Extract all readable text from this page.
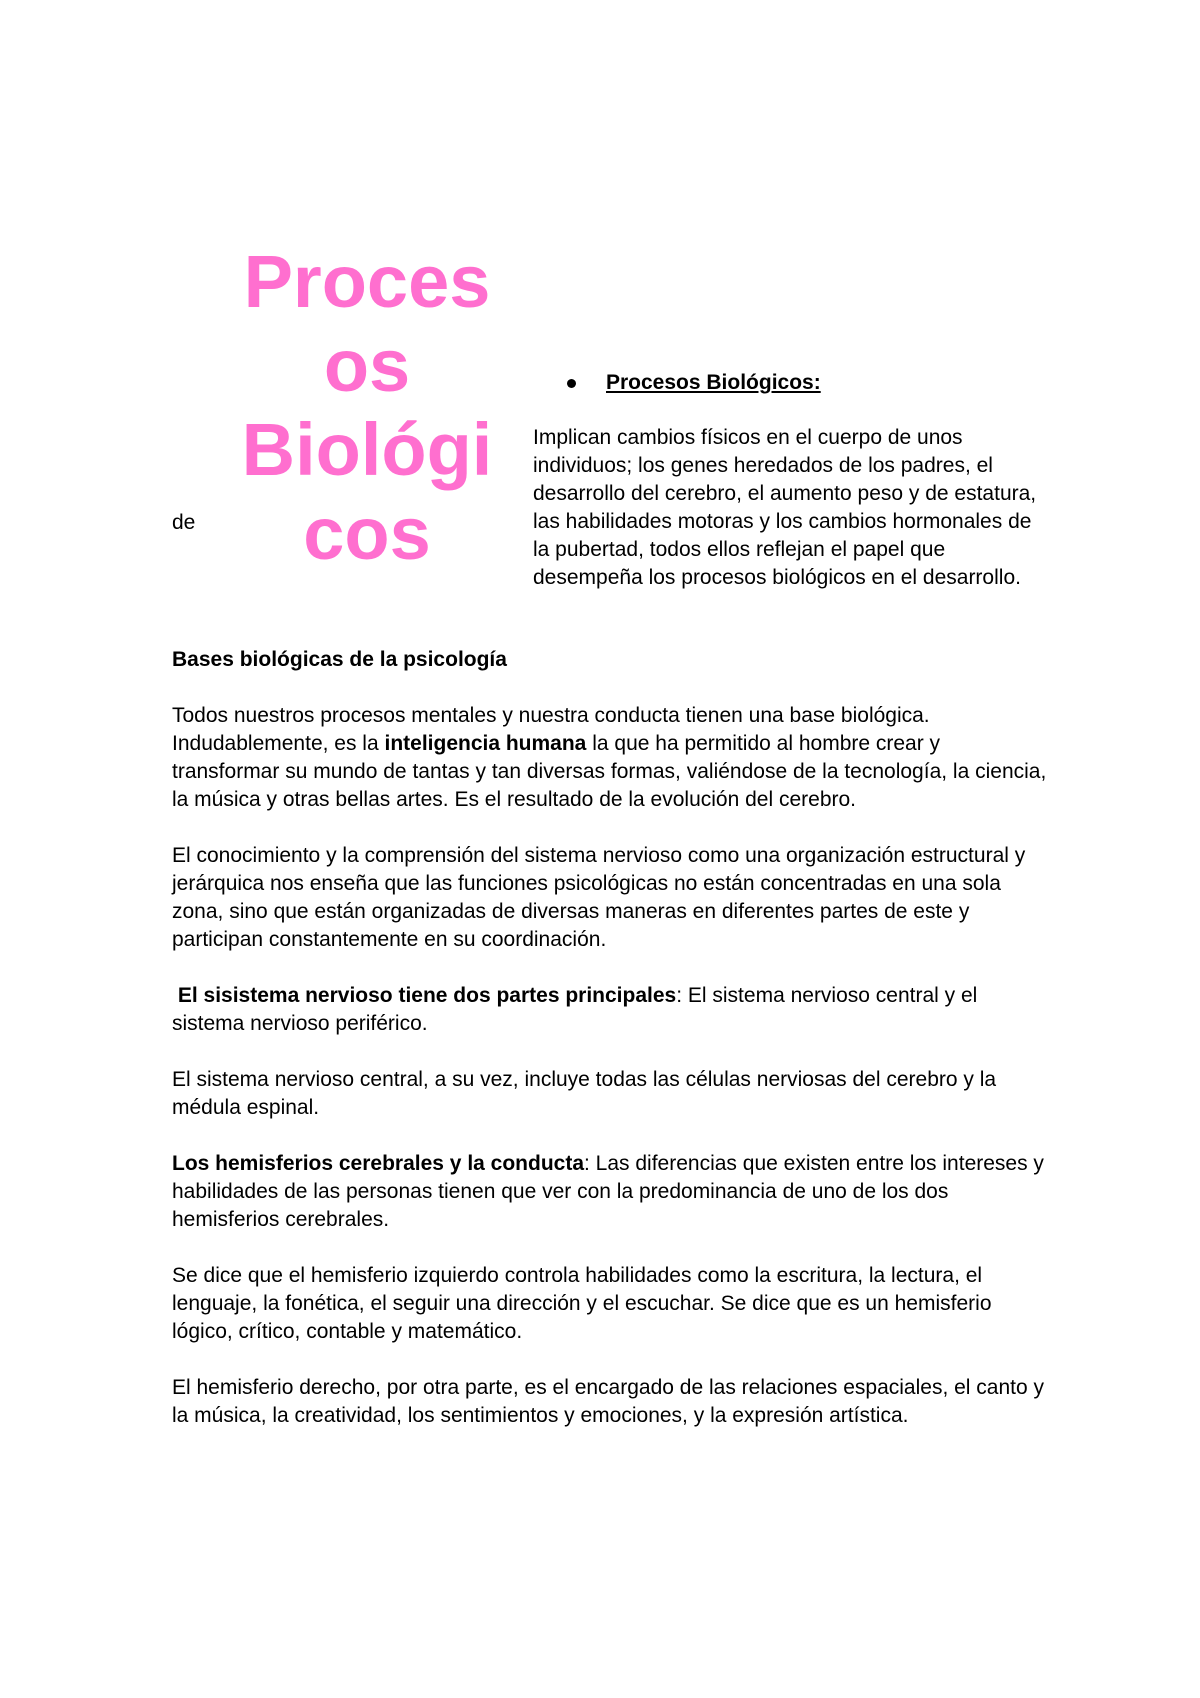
Proces
os
Biológi
cos
de
Procesos Biológicos:

Implican cambios físicos en el cuerpo de unos individuos; los genes heredados de los padres, el desarrollo del cerebro, el aumento peso y de estatura, las habilidades motoras y los cambios hormonales de la pubertad, todos ellos reflejan el papel que desempeña los procesos biológicos en el desarrollo.

Bases biológicas de la psicología

Todos nuestros procesos mentales y nuestra conducta tienen una base biológica. Indudablemente, es la inteligencia humana la que ha permitido al hombre crear y transformar su mundo de tantas y tan diversas formas, valiéndose de la tecnología, la ciencia, la música y otras bellas artes. Es el resultado de la evolución del cerebro.

El conocimiento y la comprensión del sistema nervioso como una organización estructural y jerárquica nos enseña que las funciones psicológicas no están concentradas en una sola zona, sino que están organizadas de diversas maneras en diferentes partes de este y participan constantemente en su coordinación.

El sisistema nervioso tiene dos partes principales: El sistema nervioso central y el sistema nervioso periférico.

El sistema nervioso central, a su vez, incluye todas las células nerviosas del cerebro y la médula espinal.

Los hemisferios cerebrales y la conducta: Las diferencias que existen entre los intereses y habilidades de las personas tienen que ver con la predominancia de uno de los dos hemisferios cerebrales.

Se dice que el hemisferio izquierdo controla habilidades como la escritura, la lectura, el lenguaje, la fonética, el seguir una dirección y el escuchar. Se dice que es un hemisferio lógico, crítico, contable y matemático.

El hemisferio derecho, por otra parte, es el encargado de las relaciones espaciales, el canto y la música, la creatividad, los sentimientos y emociones, y la expresión artística.
